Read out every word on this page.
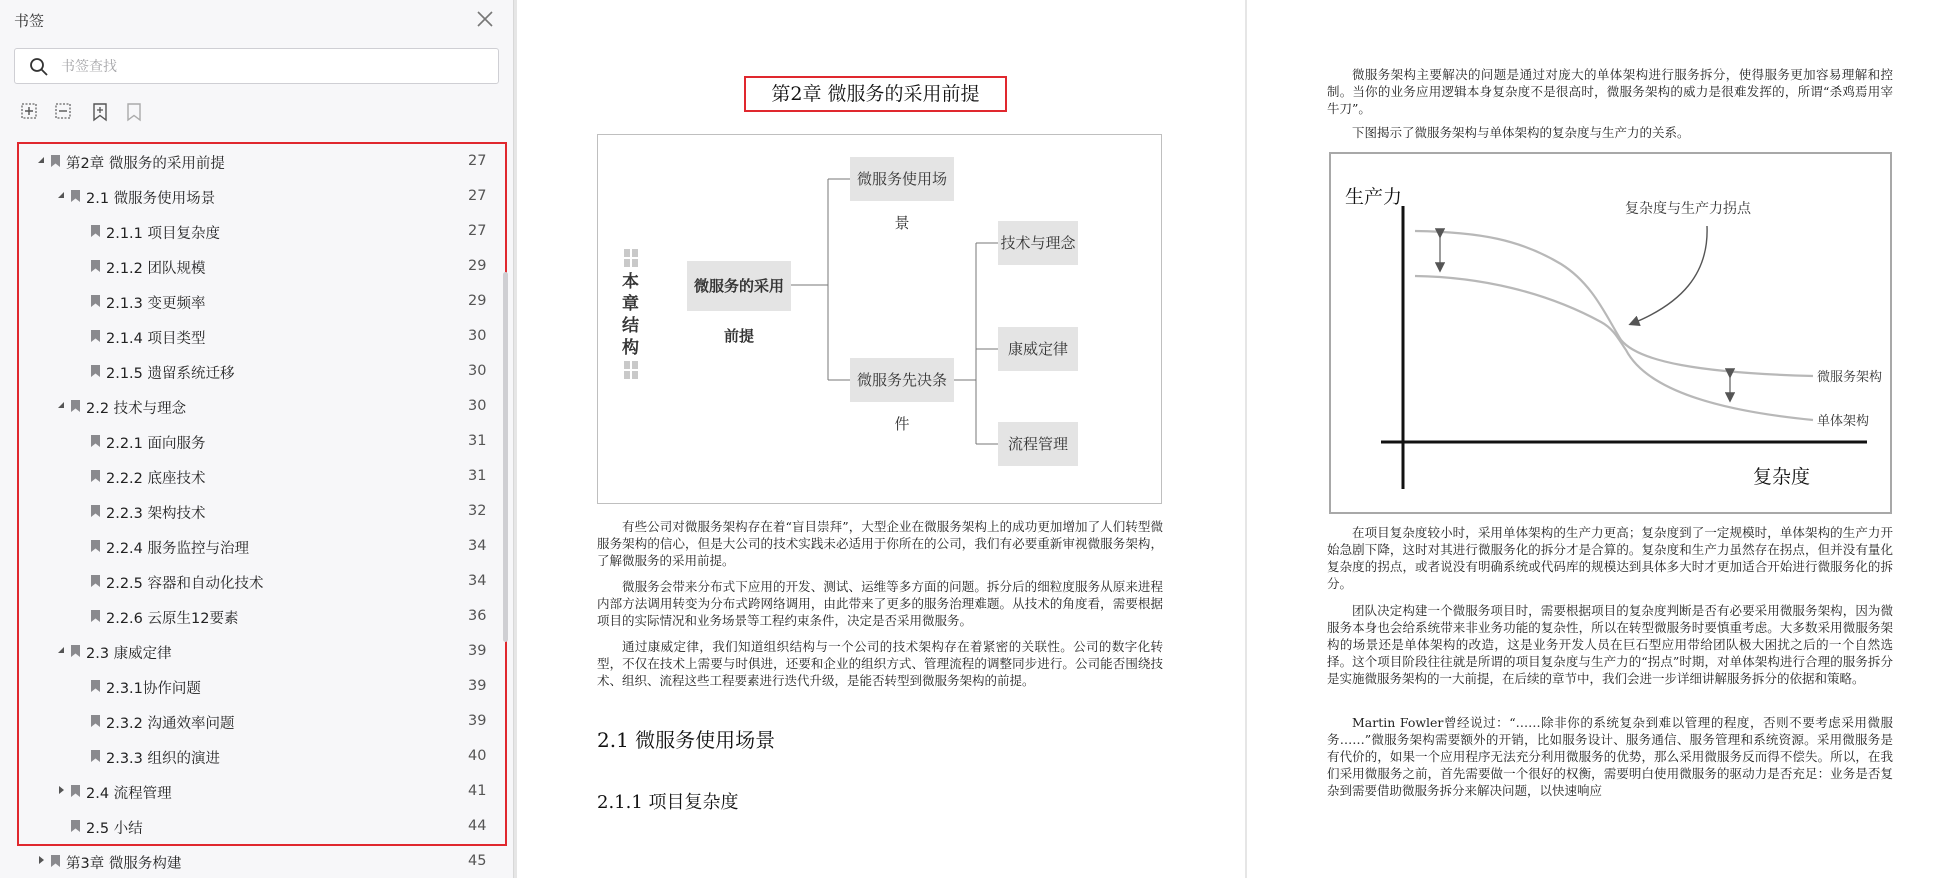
书签
书签查找
第2章 微服务的采用前提	27
2.1 微服务使用场景	27
2.1.1 项目复杂度	27
2.1.2 团队规模	29
2.1.3 变更频率	29
2.1.4 项目类型	30
2.1.5 遗留系统迁移	30
2.2 技术与理念	30
2.2.1 面向服务	31
2.2.2 底座技术	31
2.2.3 架构技术	32
2.2.4 服务监控与治理	34
2.2.5 容器和自动化技术	34
2.2.6 云原生12要素	36
2.3 康威定律	39
2.3.1协作问题	39
2.3.2 沟通效率问题	39
2.3.3 组织的演进	40
2.4 流程管理	41
2.5 小结	44
第3章 微服务构建	45
第2章 微服务的采用前提
本章结构
微服务的采用前提
微服务使用场景
微服务先决条件
技术与理念
康威定律
流程管理
有些公司对微服务架构存在着“盲目崇拜”，大型企业在微服务架构上的成功更加增加了人们转型微服务架构的信心，但是大公司的技术实践未必适用于你所在的公司，我们有必要重新审视微服务架构，了解微服务的采用前提。
微服务会带来分布式下应用的开发、测试、运维等多方面的问题。拆分后的细粒度服务从原来进程内部方法调用转变为分布式跨网络调用，由此带来了更多的服务治理难题。从技术的角度看，需要根据项目的实际情况和业务场景等工程约束条件，决定是否采用微服务。
通过康威定律，我们知道组织结构与一个公司的技术架构存在着紧密的关联性。公司的数字化转型，不仅在技术上需要与时俱进，还要和企业的组织方式、管理流程的调整同步进行。公司能否围绕技术、组织、流程这些工程要素进行迭代升级，是能否转型到微服务架构的前提。
2.1 微服务使用场景
2.1.1 项目复杂度
微服务架构主要解决的问题是通过对庞大的单体架构进行服务拆分，使得服务更加容易理解和控制。当你的业务应用逻辑本身复杂度不是很高时，微服务架构的威力是很难发挥的，所谓“杀鸡焉用宰牛刀”。
下图揭示了微服务架构与单体架构的复杂度与生产力的关系。
生产力
复杂度
复杂度与生产力拐点
微服务架构
单体架构
在项目复杂度较小时，采用单体架构的生产力更高；复杂度到了一定规模时，单体架构的生产力开始急剧下降，这时对其进行微服务化的拆分才是合算的。复杂度和生产力虽然存在拐点，但并没有量化复杂度的拐点，或者说没有明确系统或代码库的规模达到具体多大时才更加适合开始进行微服务化的拆分。
团队决定构建一个微服务项目时，需要根据项目的复杂度判断是否有必要采用微服务架构，因为微服务本身也会给系统带来非业务功能的复杂性，所以在转型微服务时要慎重考虑。大多数采用微服务架构的场景还是单体架构的改造，这是业务开发人员在巨石型应用带给团队极大困扰之后的一个自然选择。这个项目阶段往往就是所谓的项目复杂度与生产力的“拐点”时期，对单体架构进行合理的服务拆分是实施微服务架构的一大前提，在后续的章节中，我们会进一步详细讲解服务拆分的依据和策略。
Martin Fowler曾经说过：“……除非你的系统复杂到难以管理的程度，否则不要考虑采用微服务……”微服务架构需要额外的开销，比如服务设计、服务通信、服务管理和系统资源。采用微服务是有代价的，如果一个应用程序无法充分利用微服务的优势，那么采用微服务反而得不偿失。所以，在我们采用微服务之前，首先需要做一个很好的权衡，需要明白使用微服务的驱动力是否充足：业务是否复杂到需要借助微服务拆分来解决问题，以快速响应
